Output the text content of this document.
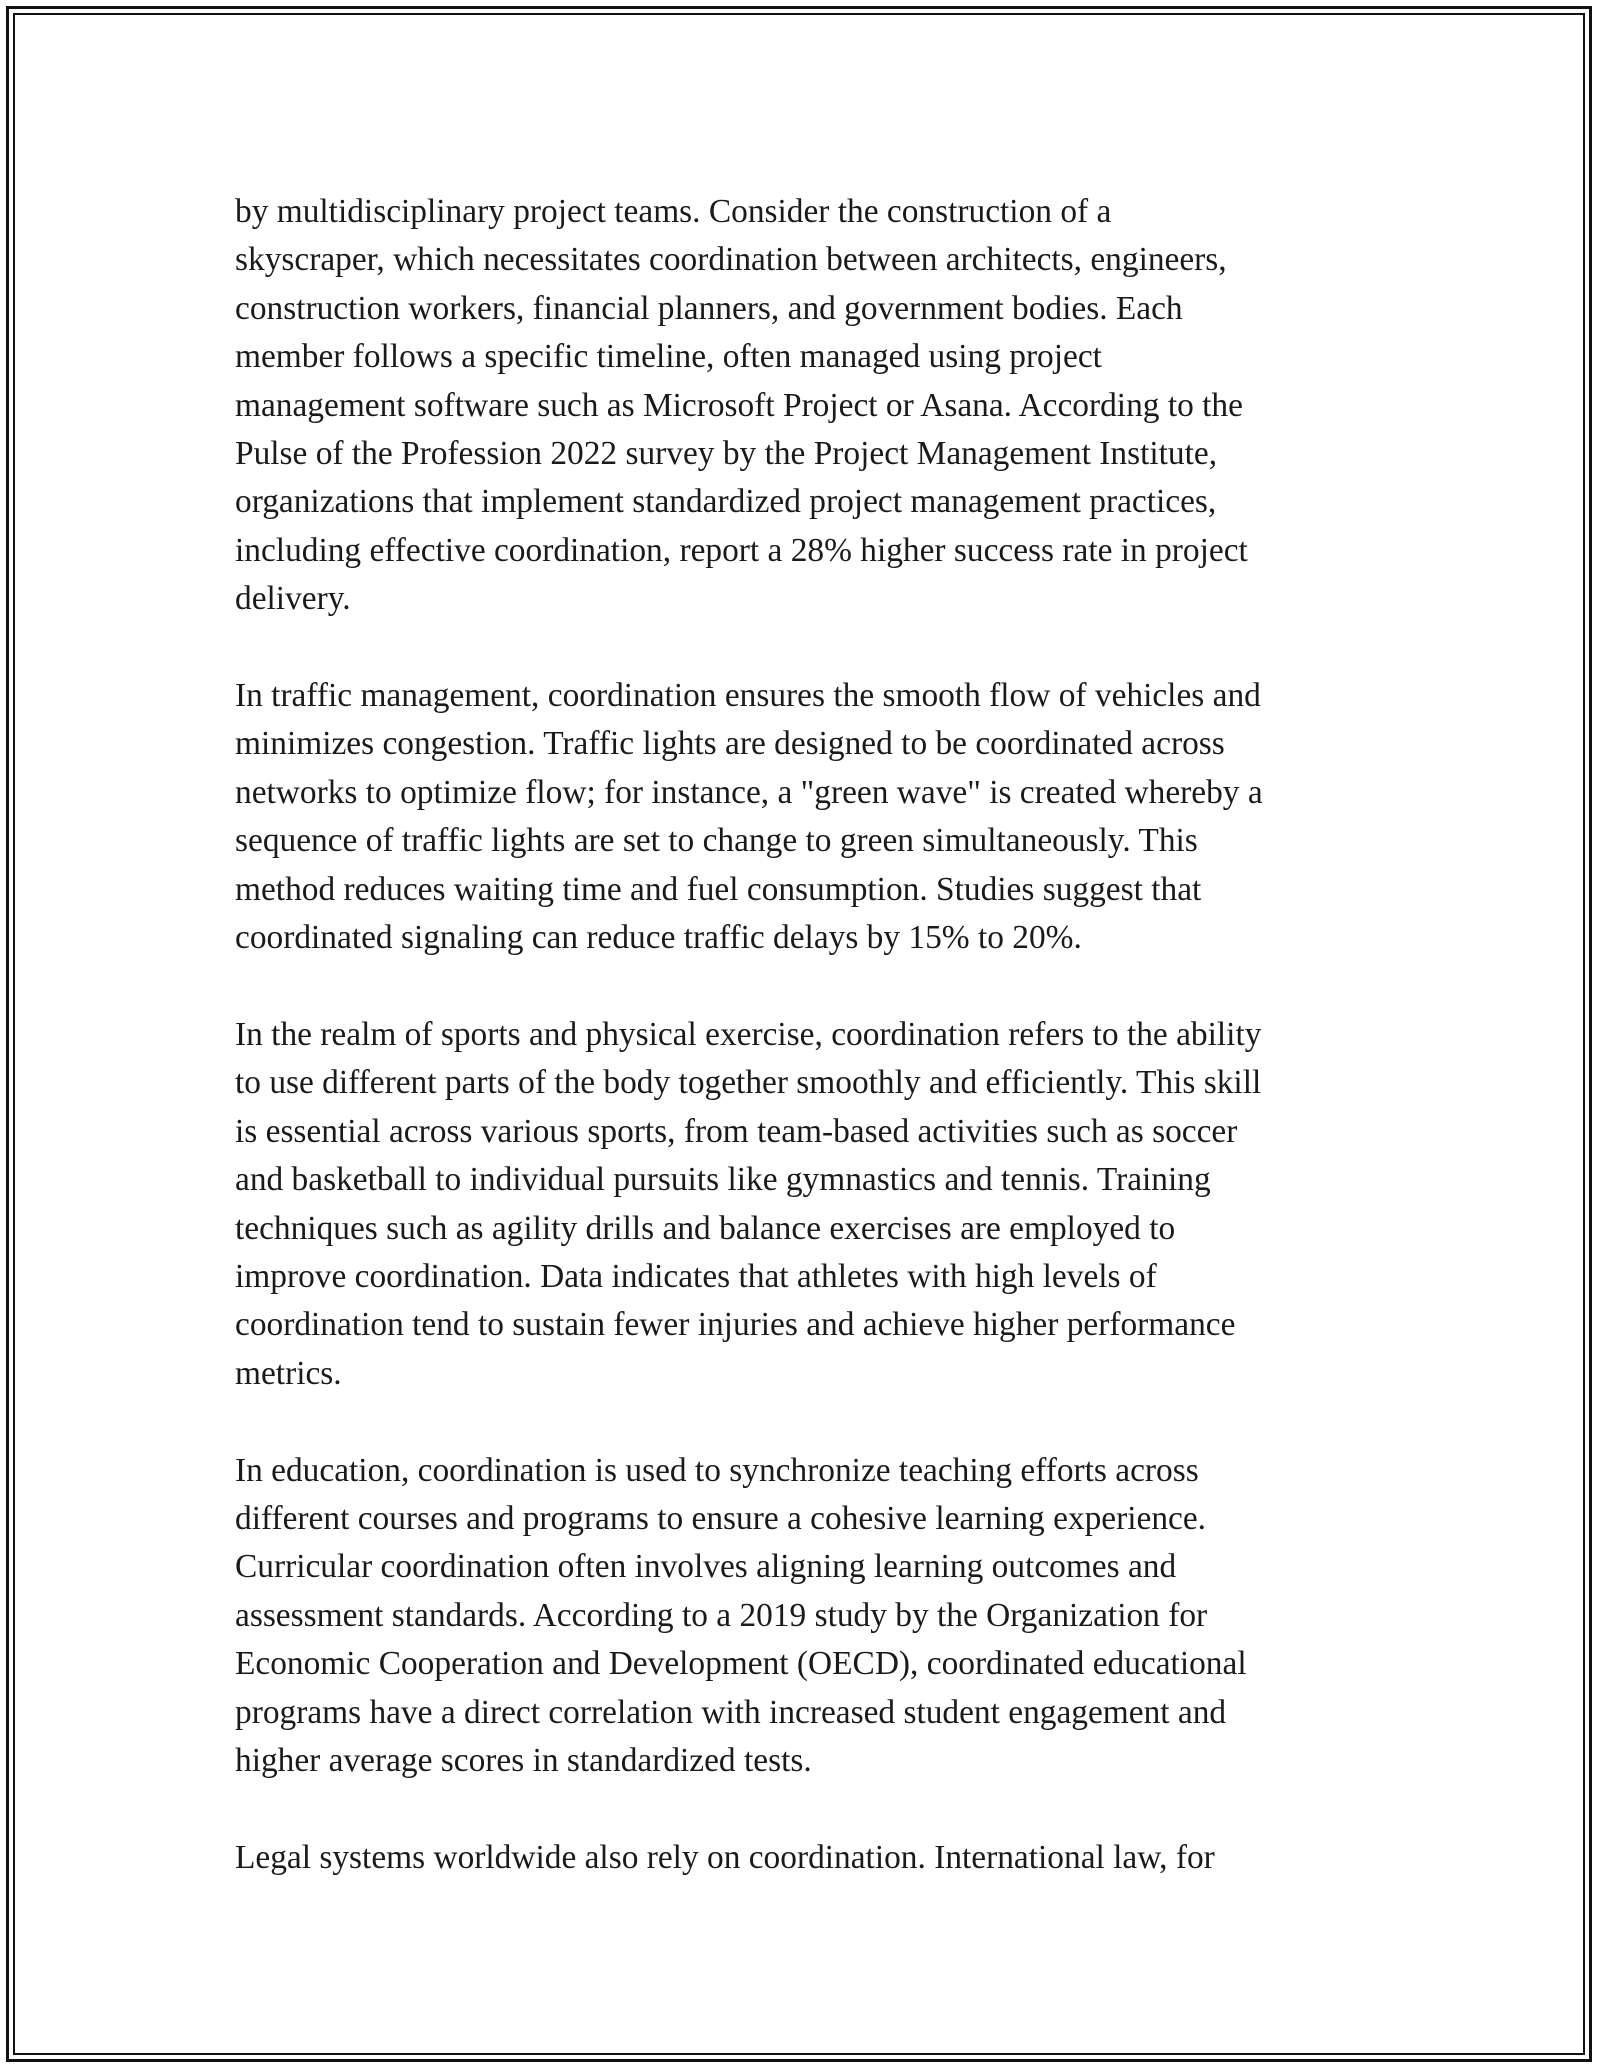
by multidisciplinary project teams. Consider the construction of a
skyscraper, which necessitates coordination between architects, engineers,
construction workers, financial planners, and government bodies. Each
member follows a specific timeline, often managed using project
management software such as Microsoft Project or Asana. According to the
Pulse of the Profession 2022 survey by the Project Management Institute,
organizations that implement standardized project management practices,
including effective coordination, report a 28% higher success rate in project
delivery.

In traffic management, coordination ensures the smooth flow of vehicles and
minimizes congestion. Traffic lights are designed to be coordinated across
networks to optimize flow; for instance, a "green wave" is created whereby a
sequence of traffic lights are set to change to green simultaneously. This
method reduces waiting time and fuel consumption. Studies suggest that
coordinated signaling can reduce traffic delays by 15% to 20%.

In the realm of sports and physical exercise, coordination refers to the ability
to use different parts of the body together smoothly and efficiently. This skill
is essential across various sports, from team-based activities such as soccer
and basketball to individual pursuits like gymnastics and tennis. Training
techniques such as agility drills and balance exercises are employed to
improve coordination. Data indicates that athletes with high levels of
coordination tend to sustain fewer injuries and achieve higher performance
metrics.

In education, coordination is used to synchronize teaching efforts across
different courses and programs to ensure a cohesive learning experience.
Curricular coordination often involves aligning learning outcomes and
assessment standards. According to a 2019 study by the Organization for
Economic Cooperation and Development (OECD), coordinated educational
programs have a direct correlation with increased student engagement and
higher average scores in standardized tests.

Legal systems worldwide also rely on coordination. International law, for
